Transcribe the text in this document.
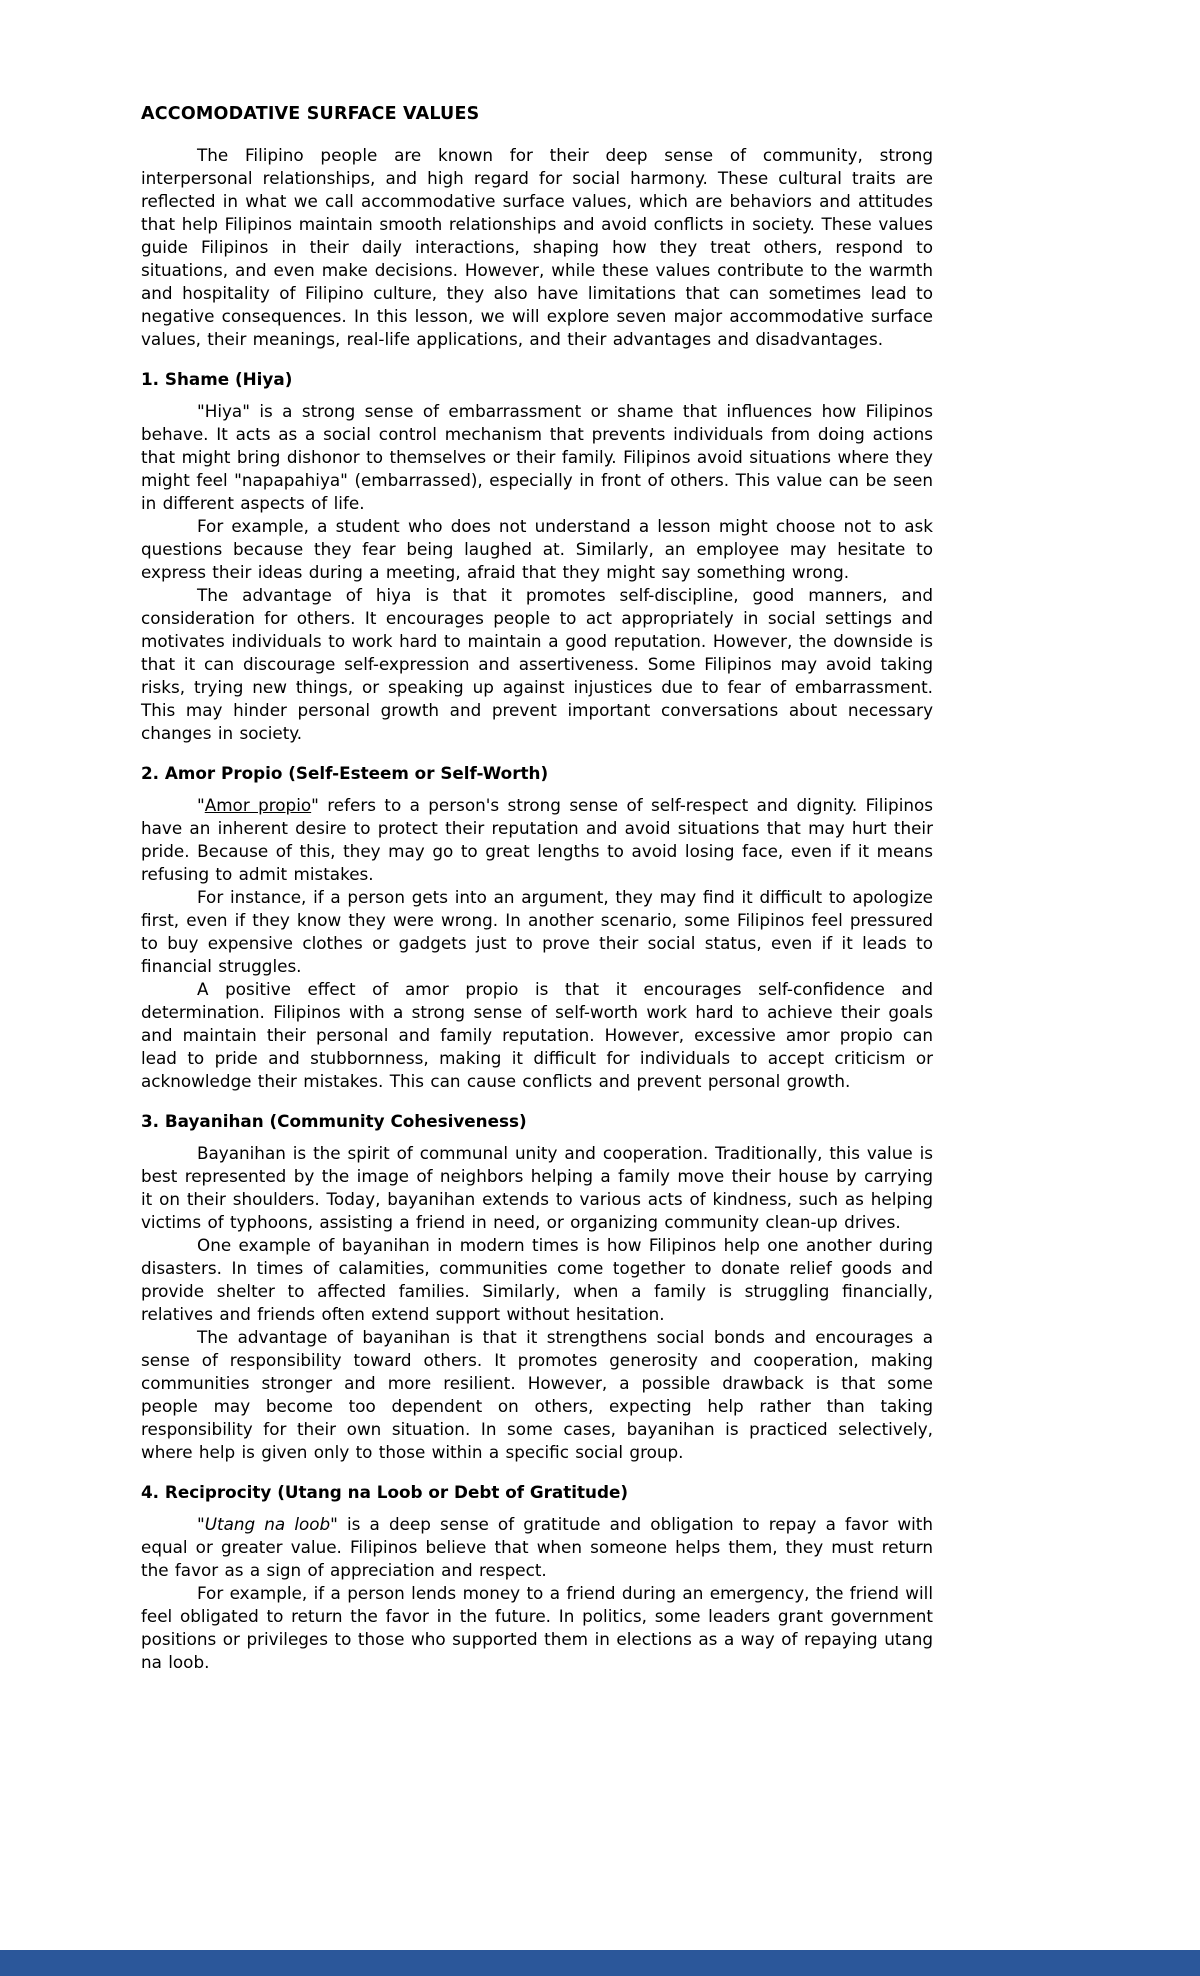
ACCOMODATIVE SURFACE VALUES

The Filipino people are known for their deep sense of community, strong interpersonal relationships, and high regard for social harmony. These cultural traits are reflected in what we call accommodative surface values, which are behaviors and attitudes that help Filipinos maintain smooth relationships and avoid conflicts in society. These values guide Filipinos in their daily interactions, shaping how they treat others, respond to situations, and even make decisions. However, while these values contribute to the warmth and hospitality of Filipino culture, they also have limitations that can sometimes lead to negative consequences. In this lesson, we will explore seven major accommodative surface values, their meanings, real-life applications, and their advantages and disadvantages.

1. Shame (Hiya)

"Hiya" is a strong sense of embarrassment or shame that influences how Filipinos behave. It acts as a social control mechanism that prevents individuals from doing actions that might bring dishonor to themselves or their family. Filipinos avoid situations where they might feel "napapahiya" (embarrassed), especially in front of others. This value can be seen in different aspects of life.

For example, a student who does not understand a lesson might choose not to ask questions because they fear being laughed at. Similarly, an employee may hesitate to express their ideas during a meeting, afraid that they might say something wrong.

The advantage of hiya is that it promotes self-discipline, good manners, and consideration for others. It encourages people to act appropriately in social settings and motivates individuals to work hard to maintain a good reputation. However, the downside is that it can discourage self-expression and assertiveness. Some Filipinos may avoid taking risks, trying new things, or speaking up against injustices due to fear of embarrassment. This may hinder personal growth and prevent important conversations about necessary changes in society.

2. Amor Propio (Self-Esteem or Self-Worth)

"Amor propio" refers to a person's strong sense of self-respect and dignity. Filipinos have an inherent desire to protect their reputation and avoid situations that may hurt their pride. Because of this, they may go to great lengths to avoid losing face, even if it means refusing to admit mistakes.

For instance, if a person gets into an argument, they may find it difficult to apologize first, even if they know they were wrong. In another scenario, some Filipinos feel pressured to buy expensive clothes or gadgets just to prove their social status, even if it leads to financial struggles.

A positive effect of amor propio is that it encourages self-confidence and determination. Filipinos with a strong sense of self-worth work hard to achieve their goals and maintain their personal and family reputation. However, excessive amor propio can lead to pride and stubbornness, making it difficult for individuals to accept criticism or acknowledge their mistakes. This can cause conflicts and prevent personal growth.

3. Bayanihan (Community Cohesiveness)

Bayanihan is the spirit of communal unity and cooperation. Traditionally, this value is best represented by the image of neighbors helping a family move their house by carrying it on their shoulders. Today, bayanihan extends to various acts of kindness, such as helping victims of typhoons, assisting a friend in need, or organizing community clean-up drives.

One example of bayanihan in modern times is how Filipinos help one another during disasters. In times of calamities, communities come together to donate relief goods and provide shelter to affected families. Similarly, when a family is struggling financially, relatives and friends often extend support without hesitation.

The advantage of bayanihan is that it strengthens social bonds and encourages a sense of responsibility toward others. It promotes generosity and cooperation, making communities stronger and more resilient. However, a possible drawback is that some people may become too dependent on others, expecting help rather than taking responsibility for their own situation. In some cases, bayanihan is practiced selectively, where help is given only to those within a specific social group.

4. Reciprocity (Utang na Loob or Debt of Gratitude)

"Utang na loob" is a deep sense of gratitude and obligation to repay a favor with equal or greater value. Filipinos believe that when someone helps them, they must return the favor as a sign of appreciation and respect.

For example, if a person lends money to a friend during an emergency, the friend will feel obligated to return the favor in the future. In politics, some leaders grant government positions or privileges to those who supported them in elections as a way of repaying utang na loob.
